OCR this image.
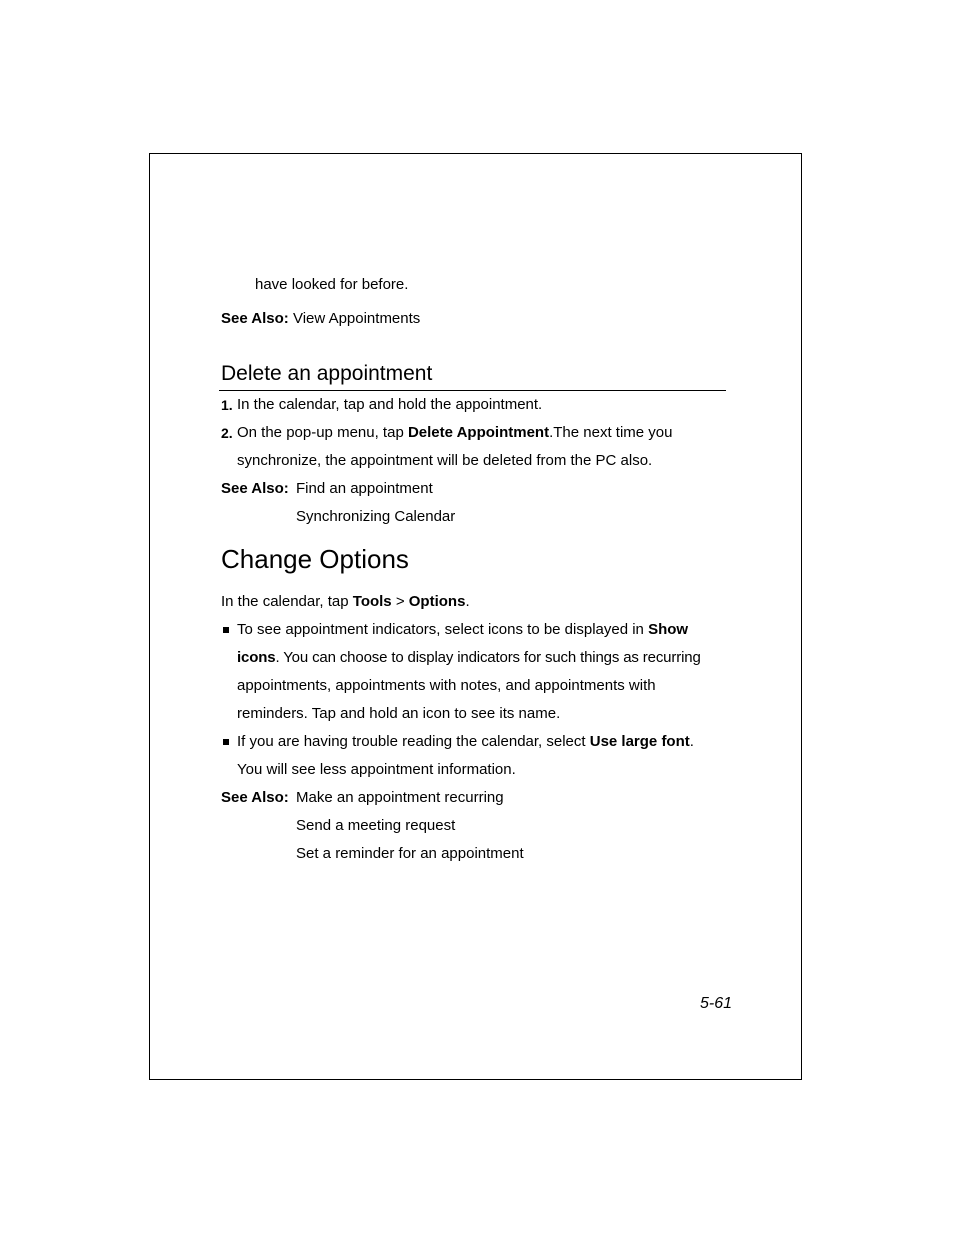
have looked for before.
See Also: View Appointments
Delete an appointment
1. In the calendar, tap and hold the appointment.
2. On the pop-up menu, tap Delete Appointment.The next time you
synchronize, the appointment will be deleted from the PC also.
See Also: Find an appointment
Synchronizing Calendar
Change Options
In the calendar, tap Tools > Options.
To see appointment indicators, select icons to be displayed in Show
icons. You can choose to display indicators for such things as recurring
appointments, appointments with notes, and appointments with
reminders. Tap and hold an icon to see its name.
If you are having trouble reading the calendar, select Use large font.
You will see less appointment information.
See Also: Make an appointment recurring
Send a meeting request
Set a reminder for an appointment
5-61
